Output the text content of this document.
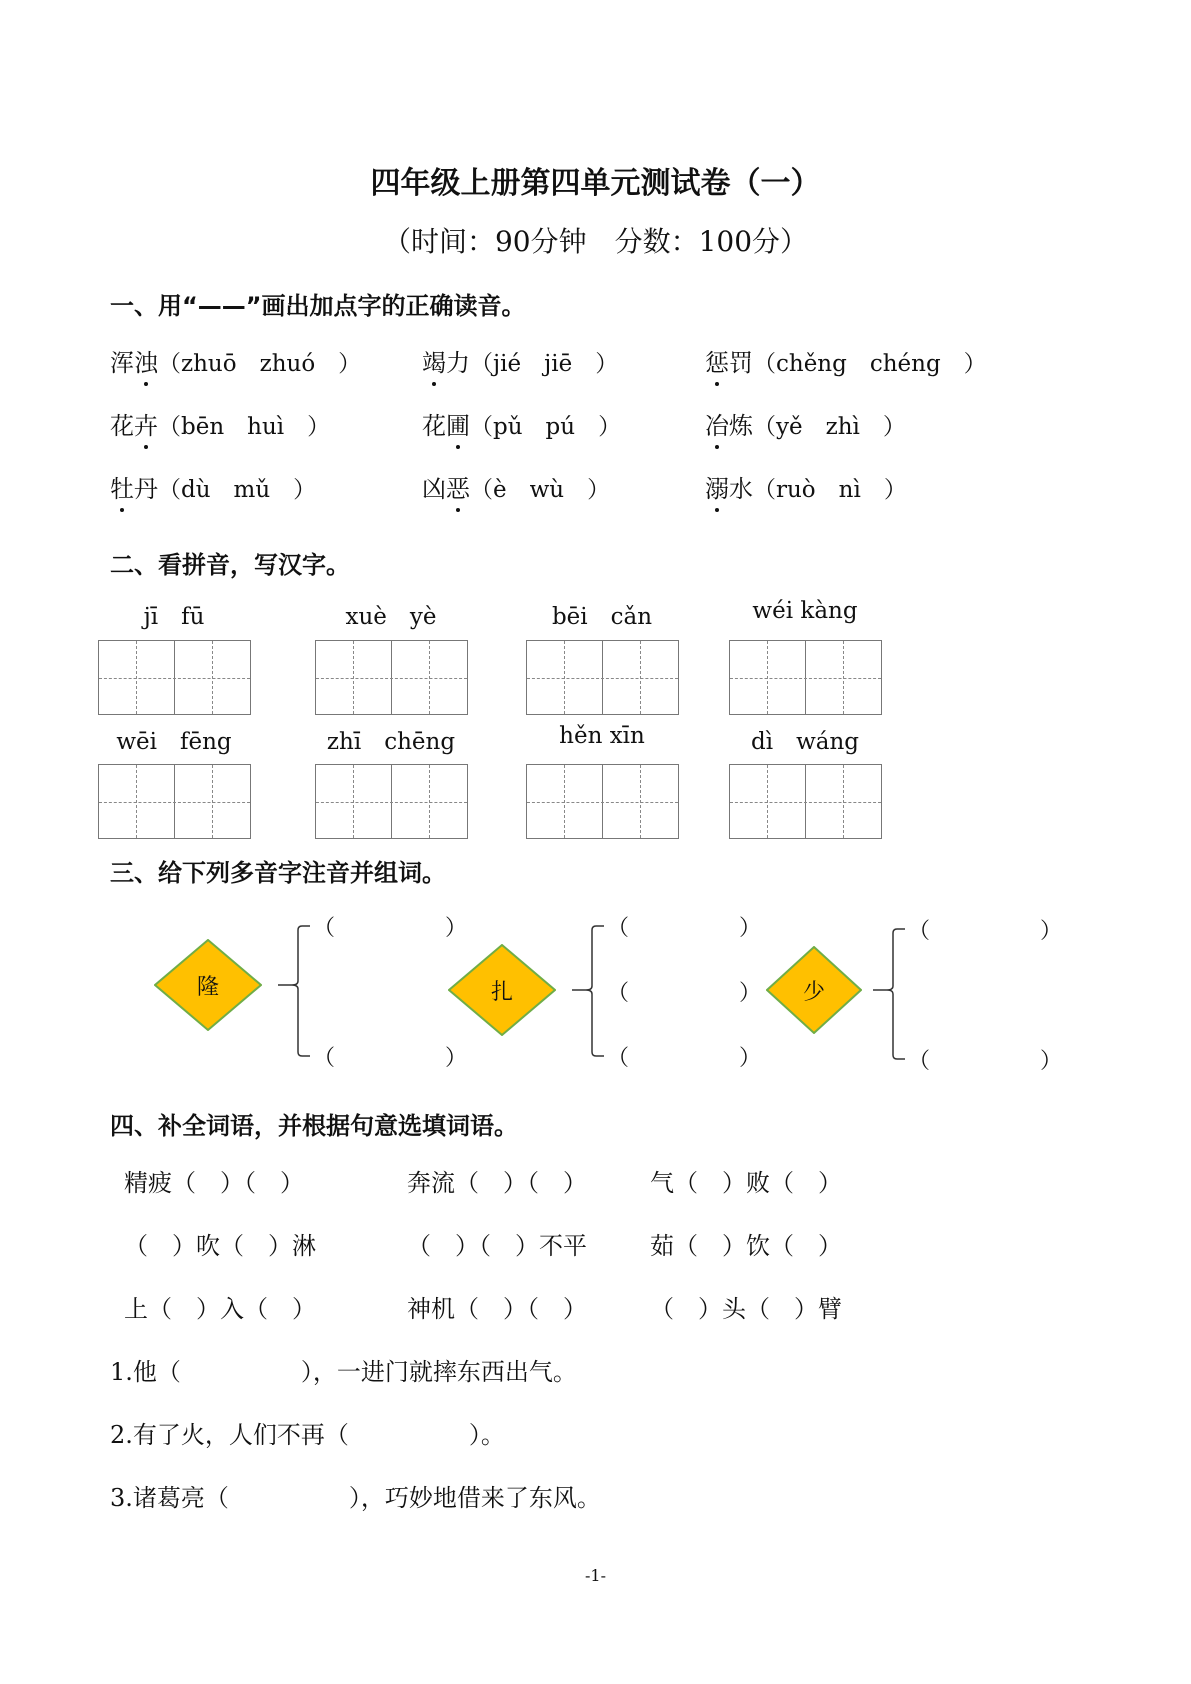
四年级上册第四单元测试卷（一）
（时间：90分钟　分数：100分）
一、用“——”画出加点字的正确读音。
浑浊（zhuō　zhuó　）	竭力（jié　jiē　）	惩罚（chěng　chéng　）
花卉（bēn　huì　）	花圃（pǔ　pú　）	冶炼（yě　zhì　）
牡丹（dù　mǔ　）	凶恶（è　wù　）	溺水（ruò　nì　）
二、看拼音，写汉字。
jī　fū	xuè　yè	bēi　cǎn	wéi kàng
wēi　fēng	zhī　chēng	hěn xīn	dì　wáng
三、给下列多音字注音并组词。
隆
（　　　　　）
（　　　　　）
扎
（　　　　　）
（　　　　　）
（　　　　　）
少
（　　　　　）
（　　　　　）
四、补全词语，并根据句意选填词语。
精疲（　）（　）	奔流（　）（　）	气（　）败（　）
（　）吹（　）淋	（　）（　）不平	茹（　）饮（　）
上（　）入（　）	神机（　）（　）	（　）头（　）臂
1.他（　　　　　），一进门就摔东西出气。
2.有了火，人们不再（　　　　　）。
3.诸葛亮（　　　　　），巧妙地借来了东风。
-1-
